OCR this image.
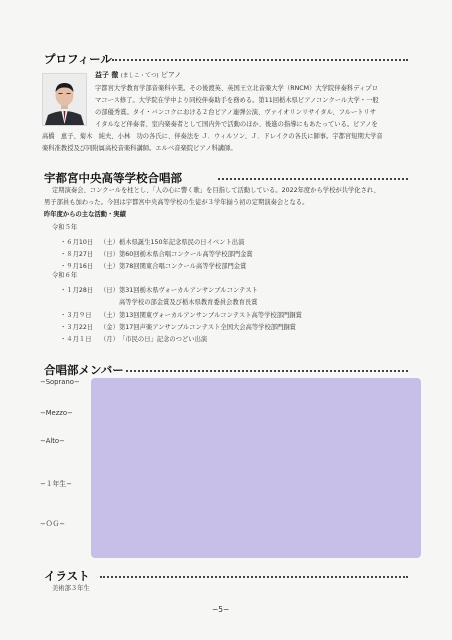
プロフィール
益子 徹 (ましこ・てつ) ピアノ
宇都宮大学教育学部音楽科卒業。その後渡英、英国王立北音楽大学（RNCM）大学院伴奏科ディプロ
マコース修了。大学院在学中より同校伴奏助手を務める。第11回栃木県ピアノコンクール大学・一般
の部優秀賞。タイ・バンコクにおける２台ピアノ連弾公演、ヴァイオリンリサイタル、フルートリサ
イタルなど伴奏者、室内楽奏者として国内外で活動のほか、後進の指導にもあたっている。ピアノを
高橋　恵子、菊木　純夫、小林　功の各氏に、伴奏法を Ｊ．ウィルソン、Ｊ．ドレイクの各氏に師事。宇都宮短期大学音
楽科准教授及び同附属高校音楽科講師。エルベ音楽院ピアノ科講師。
宇都宮中央高等学校合唱部
定期演奏会、コンクールを柱とし、「人の心に響く歌」を目指して活動している。2022年度から学校が共学化され、
男子部員も加わった。今回は宇都宮中央高等学校の生徒が３学年揃う初の定期演奏会となる。
昨年度からの主な活動・実績
令和５年
・６月10日 （土） 栃木県誕生150年記念県民の日イベント出演
・８月27日 （日） 第60回栃木県合唱コンクール高等学校部門金賞
・９月16日 （土） 第78回関東合唱コンクール高等学校部門金賞
令和６年
・１月28日 （日） 第31回栃木県ヴォーカルアンサンブルコンテスト
高等学校の部金賞及び栃木県教育委員会教育長賞
・３月９日 （土） 第13回関東ヴォーカルアンサンブルコンテスト高等学校部門銅賞
・３月22日 （金） 第17回声楽アンサンブルコンテスト全国大会高等学校部門銅賞
・４月１日 （月） 「市民の日」記念のつどい出演
合唱部メンバー
−Soprano−
−Mezzo−
−Alto−
−１年生−
−ＯＧ−
イラスト
美術部３年生
−5−
